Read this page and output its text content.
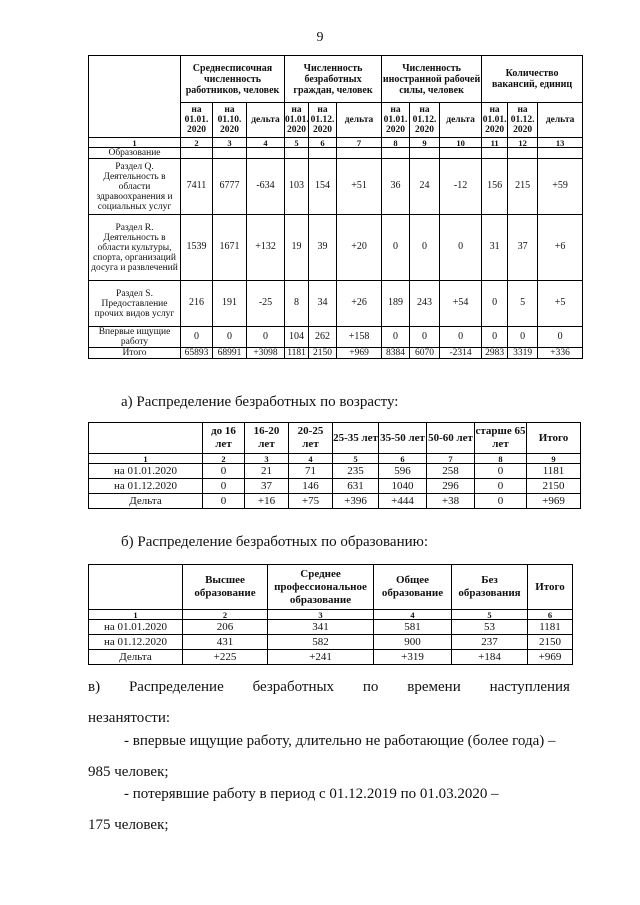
9
	Среднесписочная численность работников, человек			Численность безработных граждан, человек			Численность иностранной рабочей силы, человек			Количество вакансий, единиц		
	на 01.01. 2020	на 01.10. 2020	дельта	на 01.01. 2020	на 01.12. 2020	дельта	на 01.01. 2020	на 01.12. 2020	дельта	на 01.01. 2020	на 01.12. 2020	дельта
1	2	3	4	5	6	7	8	9	10	11	12	13
Образование												
Раздел Q. Деятельность в области здравоохранения и социальных услуг	7411	6777	-634	103	154	+51	36	24	-12	156	215	+59
Раздел R. Деятельность в области культуры, спорта, организаций досуга и развлечений	1539	1671	+132	19	39	+20	0	0	0	31	37	+6
Раздел S. Предоставление прочих видов услуг	216	191	-25	8	34	+26	189	243	+54	0	5	+5
Впервые ищущие работу	0	0	0	104	262	+158	0	0	0	0	0	0
Итого	65893	68991	+3098	1181	2150	+969	8384	6070	-2314	2983	3319	+336
а) Распределение безработных по возрасту:
	до 16 лет	16-20 лет	20-25 лет	25-35 лет	35-50 лет	50-60 лет	старше 65 лет	Итого
1	2	3	4	5	6	7	8	9
на 01.01.2020	0	21	71	235	596	258	0	1181
на 01.12.2020	0	37	146	631	1040	296	0	2150
Дельта	0	+16	+75	+396	+444	+38	0	+969
б) Распределение безработных по образованию:
	Высшее образование	Среднее профессиональное образование	Общее образование	Без образования	Итого
1	2	3	4	5	6
на 01.01.2020	206	341	581	53	1181
на 01.12.2020	431	582	900	237	2150
Дельта	+225	+241	+319	+184	+969
в) Распределение безработных по времени наступления
незанятости:
- впервые ищущие работу, длительно не работающие (более года) –
985 человек;
- потерявшие работу в период с 01.12.2019 по 01.03.2020 –
175 человек;
